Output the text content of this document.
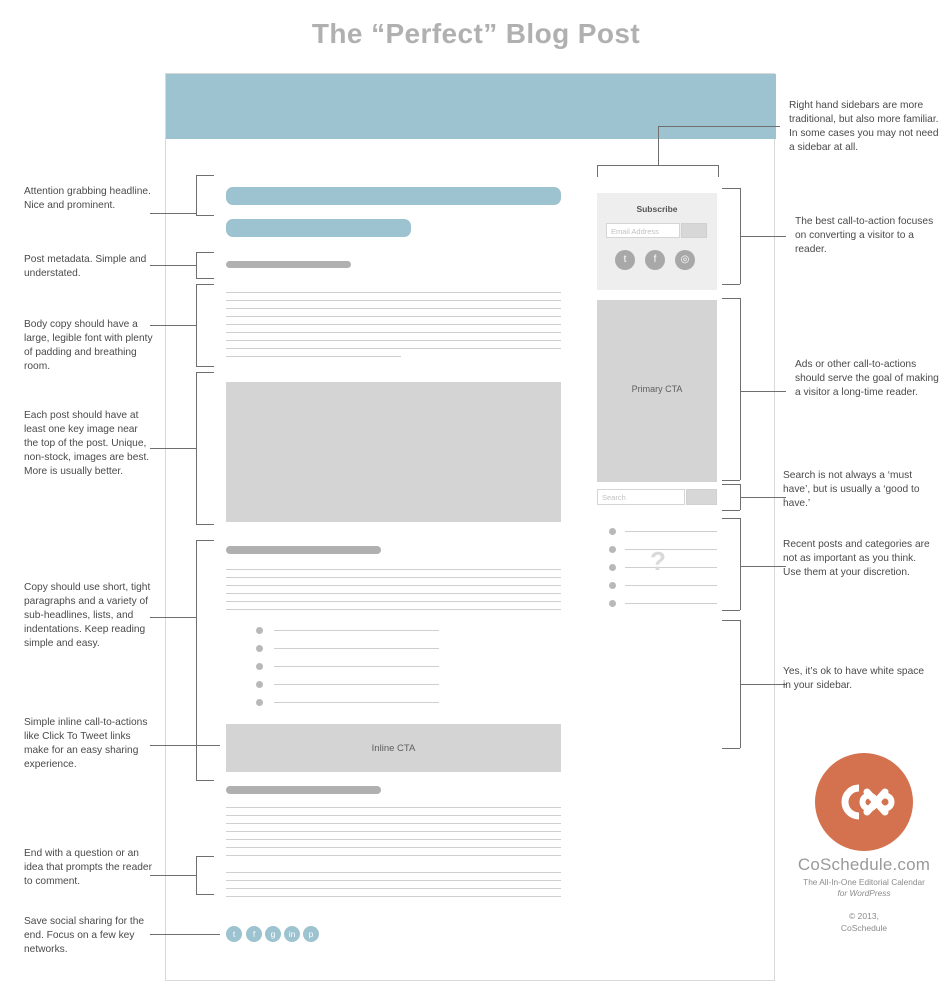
The “Perfect” Blog Post
Inline CTA
Subscribe
Email Address
t	f	◎
Primary CTA
Search
?
t	f	g	in	p
Attention grabbing headline. Nice and prominent.
Post metadata. Simple and understated.
Body copy should have a large, legible font with plenty of padding and breathing room.
Each post should have at least one key image near the top of the post. Unique, non-stock, images are best. More is usually better.
Copy should use short, tight paragraphs and a variety of sub-headlines, lists, and indentations. Keep reading simple and easy.
Simple inline call-to-actions like Click To Tweet links make for an easy sharing experience.
End with a question or an idea that prompts the reader to comment.
Save social sharing for the end. Focus on a few key networks.
Right hand sidebars are more traditional, but also more familiar. In some cases you may not need a sidebar at all.
The best call-to-action focuses on converting a visitor to a reader.
Ads or other call-to-actions should serve the goal of making a visitor a long-time reader.
Search is not always a ‘must have’, but is usually a ‘good to have.’
Recent posts and categories are not as important as you think. Use them at your discretion.
Yes, it’s ok to have white space in your sidebar.
CoSchedule.com
The All-In-One Editorial Calendar
for WordPress
© 2013,
CoSchedule
